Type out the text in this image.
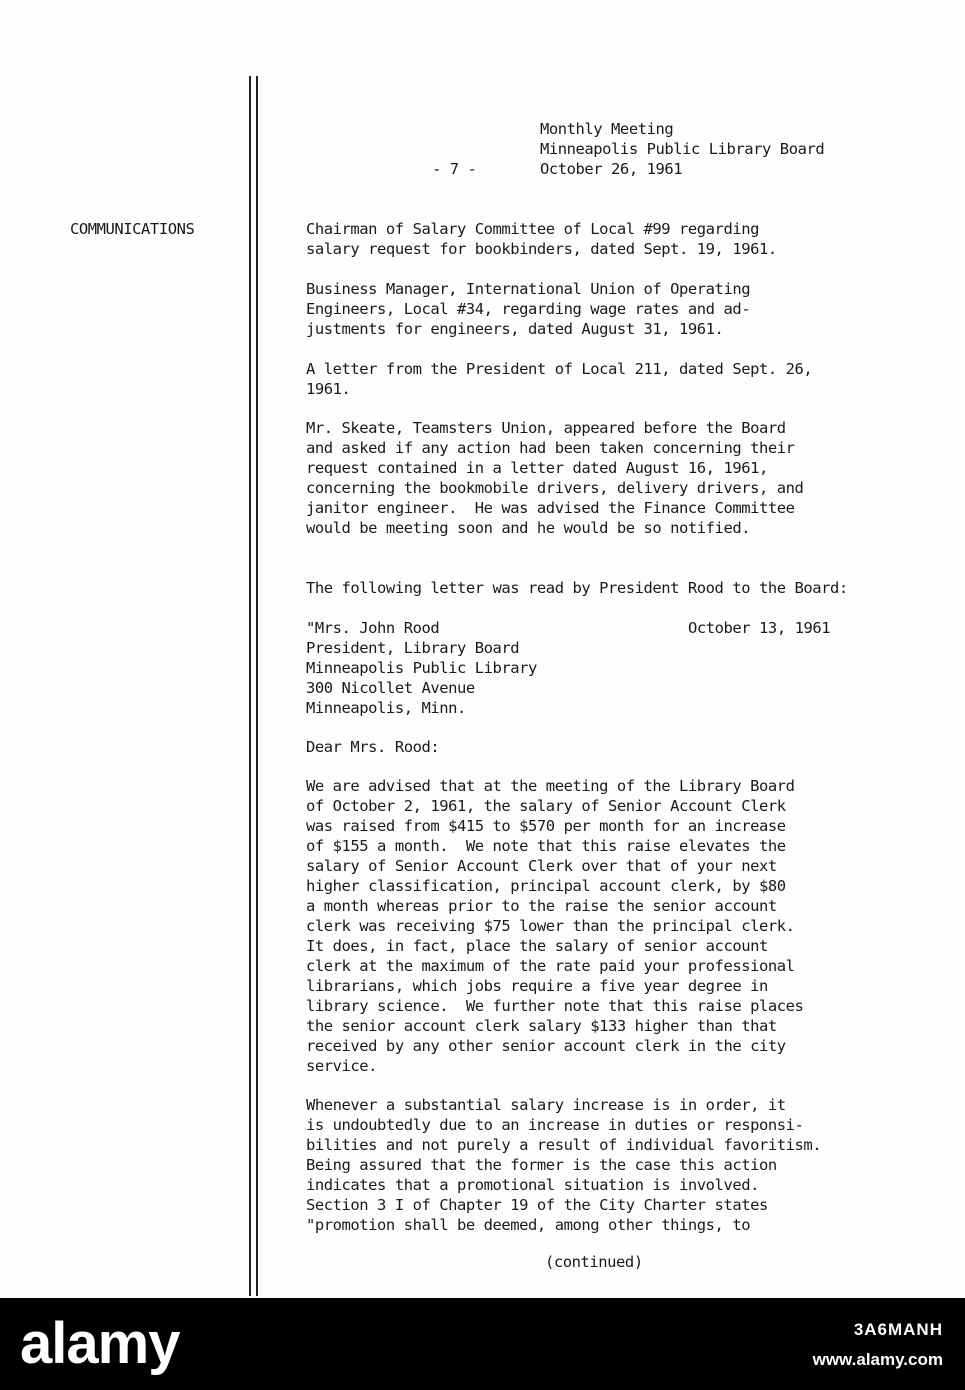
Monthly Meeting
Minneapolis Public Library Board
- 7 -	October 26, 1961
COMMUNICATIONS	Chairman of Salary Committee of Local #99 regarding
salary request for bookbinders, dated Sept. 19, 1961.
Business Manager, International Union of Operating
Engineers, Local #34, regarding wage rates and ad-
justments for engineers, dated August 31, 1961.
A letter from the President of Local 211, dated Sept. 26,
1961.
Mr. Skeate, Teamsters Union, appeared before the Board
and asked if any action had been taken concerning their
request contained in a letter dated August 16, 1961,
concerning the bookmobile drivers, delivery drivers, and
janitor engineer.  He was advised the Finance Committee
would be meeting soon and he would be so notified.
The following letter was read by President Rood to the Board:
"Mrs. John Rood	October 13, 1961
President, Library Board
Minneapolis Public Library
300 Nicollet Avenue
Minneapolis, Minn.
Dear Mrs. Rood:
We are advised that at the meeting of the Library Board
of October 2, 1961, the salary of Senior Account Clerk
was raised from $415 to $570 per month for an increase
of $155 a month.  We note that this raise elevates the
salary of Senior Account Clerk over that of your next
higher classification, principal account clerk, by $80
a month whereas prior to the raise the senior account
clerk was receiving $75 lower than the principal clerk.
It does, in fact, place the salary of senior account
clerk at the maximum of the rate paid your professional
librarians, which jobs require a five year degree in
library science.  We further note that this raise places
the senior account clerk salary $133 higher than that
received by any other senior account clerk in the city
service.
Whenever a substantial salary increase is in order, it
is undoubtedly due to an increase in duties or responsi-
bilities and not purely a result of individual favoritism.
Being assured that the former is the case this action
indicates that a promotional situation is involved.
Section 3 I of Chapter 19 of the City Charter states
"promotion shall be deemed, among other things, to
(continued)
alamy	3A6MANH
www.alamy.com
